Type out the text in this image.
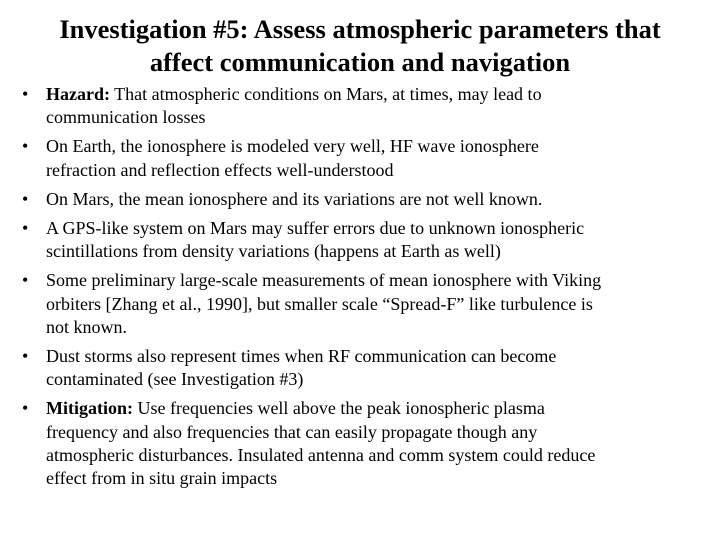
Investigation #5: Assess atmospheric parameters that
affect communication and navigation
• Hazard: That atmospheric conditions on Mars, at times, may lead to
communication losses
• On Earth, the ionosphere is modeled very well, HF wave ionosphere
refraction and reflection effects well-understood
• On Mars, the mean ionosphere and its variations are not well known.
• A GPS-like system on Mars may suffer errors due to unknown ionospheric
scintillations from density variations (happens at Earth as well)
• Some preliminary large-scale measurements of mean ionosphere with Viking
orbiters [Zhang et al., 1990], but smaller scale “Spread-F” like turbulence is
not known.
• Dust storms also represent times when RF communication can become
contaminated (see Investigation #3)
• Mitigation: Use frequencies well above the peak ionospheric plasma
frequency and also frequencies that can easily propagate though any
atmospheric disturbances. Insulated antenna and comm system could reduce
effect from in situ grain impacts
